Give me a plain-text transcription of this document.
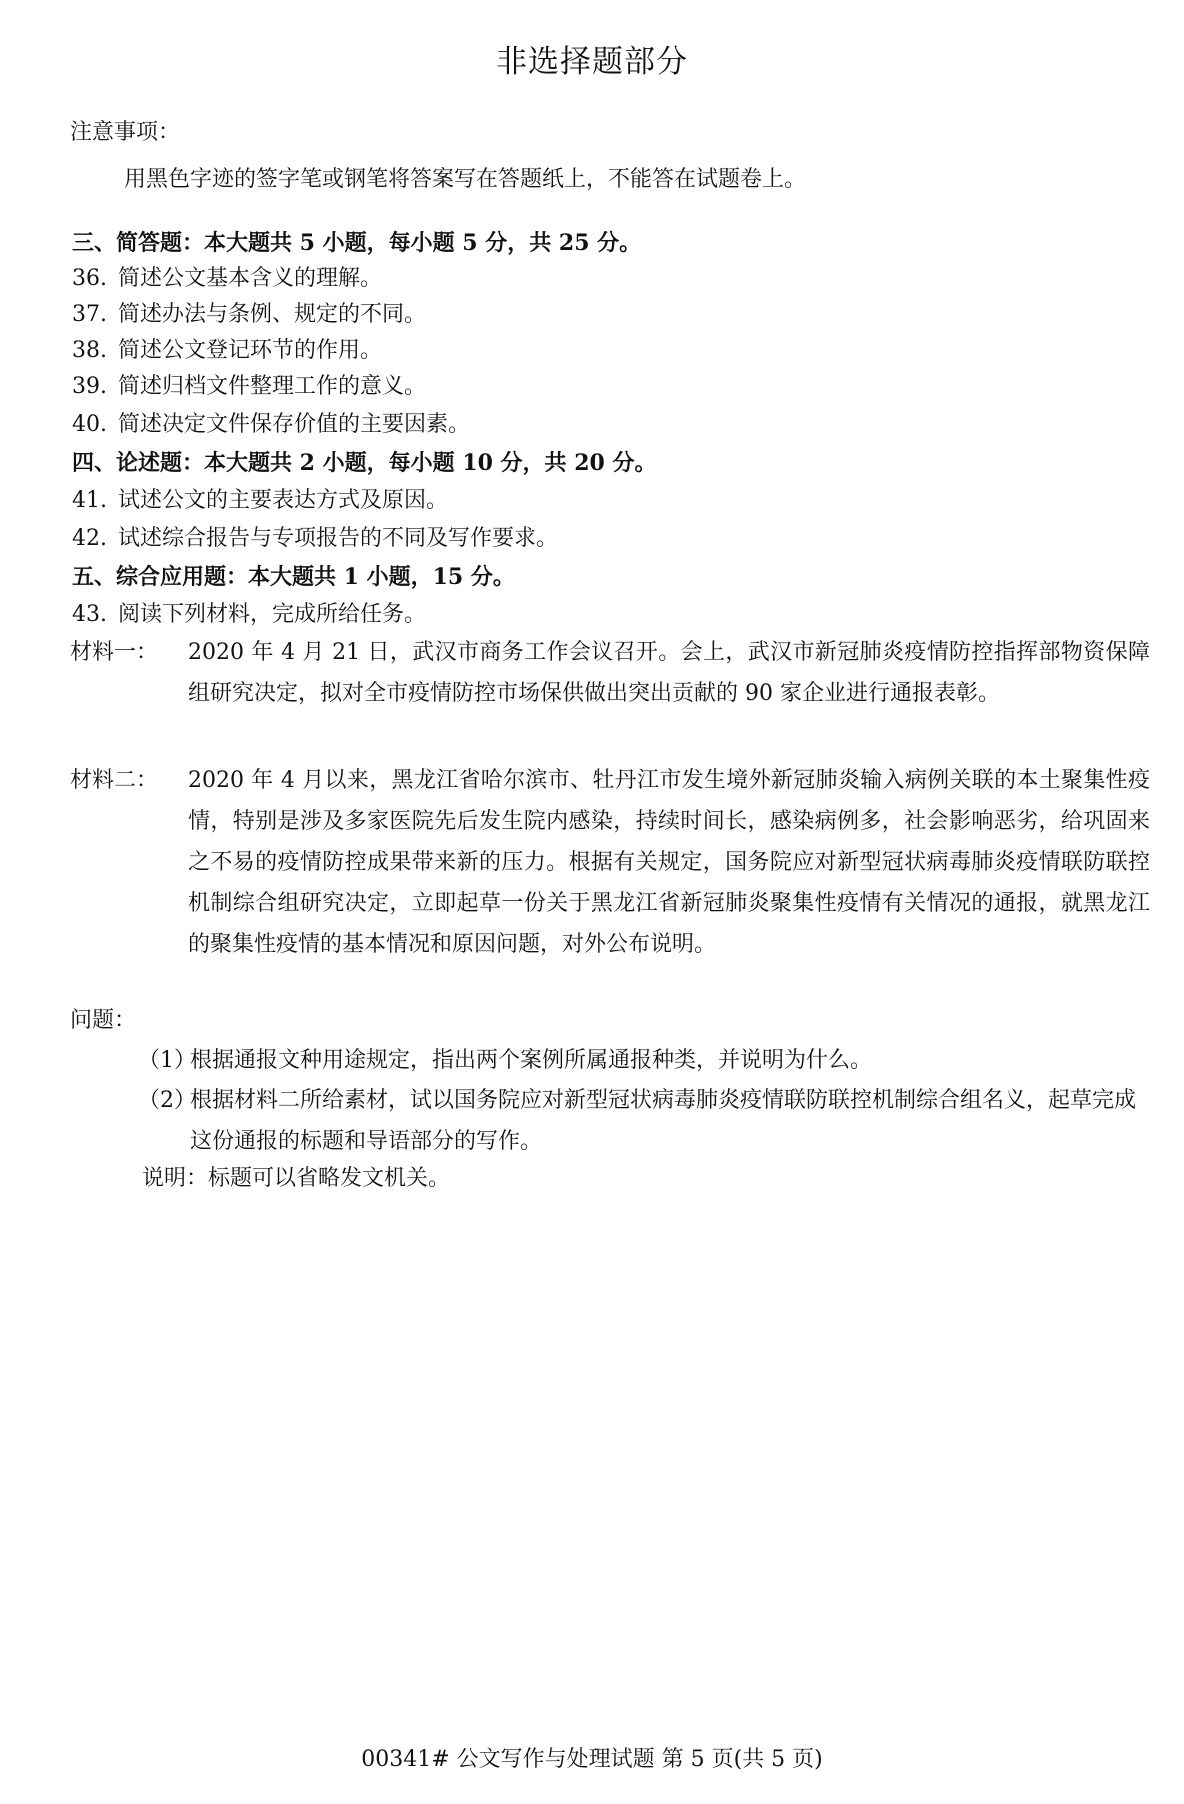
非选择题部分
注意事项：
用黑色字迹的签字笔或钢笔将答案写在答题纸上，不能答在试题卷上。
三、简答题：本大题共 5 小题，每小题 5 分，共 25 分。
36. 简述公文基本含义的理解。
37. 简述办法与条例、规定的不同。
38. 简述公文登记环节的作用。
39. 简述归档文件整理工作的意义。
40. 简述决定文件保存价值的主要因素。
四、论述题：本大题共 2 小题，每小题 10 分，共 20 分。
41. 试述公文的主要表达方式及原因。
42. 试述综合报告与专项报告的不同及写作要求。
五、综合应用题：本大题共 1 小题，15 分。
43. 阅读下列材料，完成所给任务。
材料一： 2020 年 4 月 21 日，武汉市商务工作会议召开。会上，武汉市新冠肺炎疫情防控指挥部物资保障组研究决定，拟对全市疫情防控市场保供做出突出贡献的 90 家企业进行通报表彰。
材料二： 2020 年 4 月以来，黑龙江省哈尔滨市、牡丹江市发生境外新冠肺炎输入病例关联的本土聚集性疫情，特别是涉及多家医院先后发生院内感染，持续时间长，感染病例多，社会影响恶劣，给巩固来之不易的疫情防控成果带来新的压力。根据有关规定，国务院应对新型冠状病毒肺炎疫情联防联控机制综合组研究决定，立即起草一份关于黑龙江省新冠肺炎聚集性疫情有关情况的通报，就黑龙江的聚集性疫情的基本情况和原因问题，对外公布说明。
问题：
（1）
根据通报文种用途规定，指出两个案例所属通报种类，并说明为什么。
（2）
根据材料二所给素材，试以国务院应对新型冠状病毒肺炎疫情联防联控机制综合组名义，起草完成这份通报的标题和导语部分的写作。
说明：标题可以省略发文机关。
00341# 公文写作与处理试题 第 5 页(共 5 页)
